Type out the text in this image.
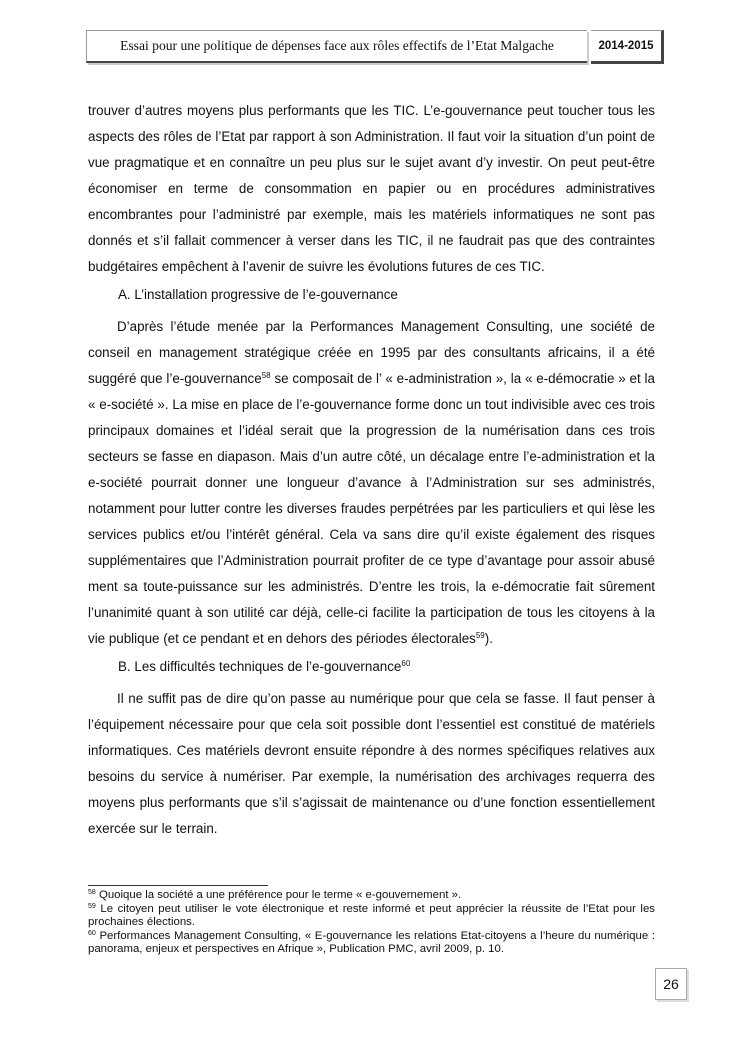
Essai pour une politique de dépenses face aux rôles effectifs de l’Etat Malgache	2014-2015

trouver d’autres moyens plus performants que les TIC. L’e-gouvernance peut toucher tous les aspects des rôles de l’Etat par rapport à son Administration. Il faut voir la situation d’un point de vue pragmatique et en connaître un peu plus sur le sujet avant d’y investir. On peut peut-être économiser en terme de consommation en papier ou en procédures administratives encombrantes pour l’administré par exemple, mais les matériels informatiques ne sont pas donnés et s’il fallait commencer à verser dans les TIC, il ne faudrait pas que des contraintes budgétaires empêchent à l’avenir de suivre les évolutions futures de ces TIC.

A. L’installation progressive de l’e-gouvernance

D’après l’étude menée par la Performances Management Consulting, une société de conseil en management stratégique créée en 1995 par des consultants africains, il a été suggéré que l’e-gouvernance$^{58}$ se composait de l’ « e-administration », la « e-démocratie » et la « e-société ». La mise en place de l’e-gouvernance forme donc un tout indivisible avec ces trois principaux domaines et l’idéal serait que la progression de la numérisation dans ces trois secteurs se fasse en diapason. Mais d’un autre côté, un décalage entre l’e-administration et la e-société pourrait donner une longueur d’avance à l’Administration sur ses administrés, notamment pour lutter contre les diverses fraudes perpétrées par les particuliers et qui lèse les services publics et/ou l’intérêt général. Cela va sans dire qu’il existe également des risques supplémentaires que l’Administration pourrait profiter de ce type d’avantage pour assoir abusé ment sa toute-puissance sur les administrés. D’entre les trois, la e-démocratie fait sûrement l’unanimité quant à son utilité car déjà, celle-ci facilite la participation de tous les citoyens à la vie publique (et ce pendant et en dehors des périodes électorales$^{59}$).

B. Les difficultés techniques de l’e-gouvernance$^{60}$

Il ne suffit pas de dire qu’on passe au numérique pour que cela se fasse. Il faut penser à l’équipement nécessaire pour que cela soit possible dont l’essentiel est constitué de matériels informatiques. Ces matériels devront ensuite répondre à des normes spécifiques relatives aux besoins du service à numériser. Par exemple, la numérisation des archivages requerra des moyens plus performants que s’il s’agissait de maintenance ou d’une fonction essentiellement exercée sur le terrain.

$^{58}$ Quoique la société a une préférence pour le terme « e-gouvernement ».

$^{59}$ Le citoyen peut utiliser le vote électronique et reste informé et peut apprécier la réussite de l’Etat pour les prochaines élections.

$^{60}$ Performances Management Consulting, « E-gouvernance les relations Etat-citoyens a l’heure du numérique : panorama, enjeux et perspectives en Afrique », Publication PMC, avril 2009, p. 10.

26
